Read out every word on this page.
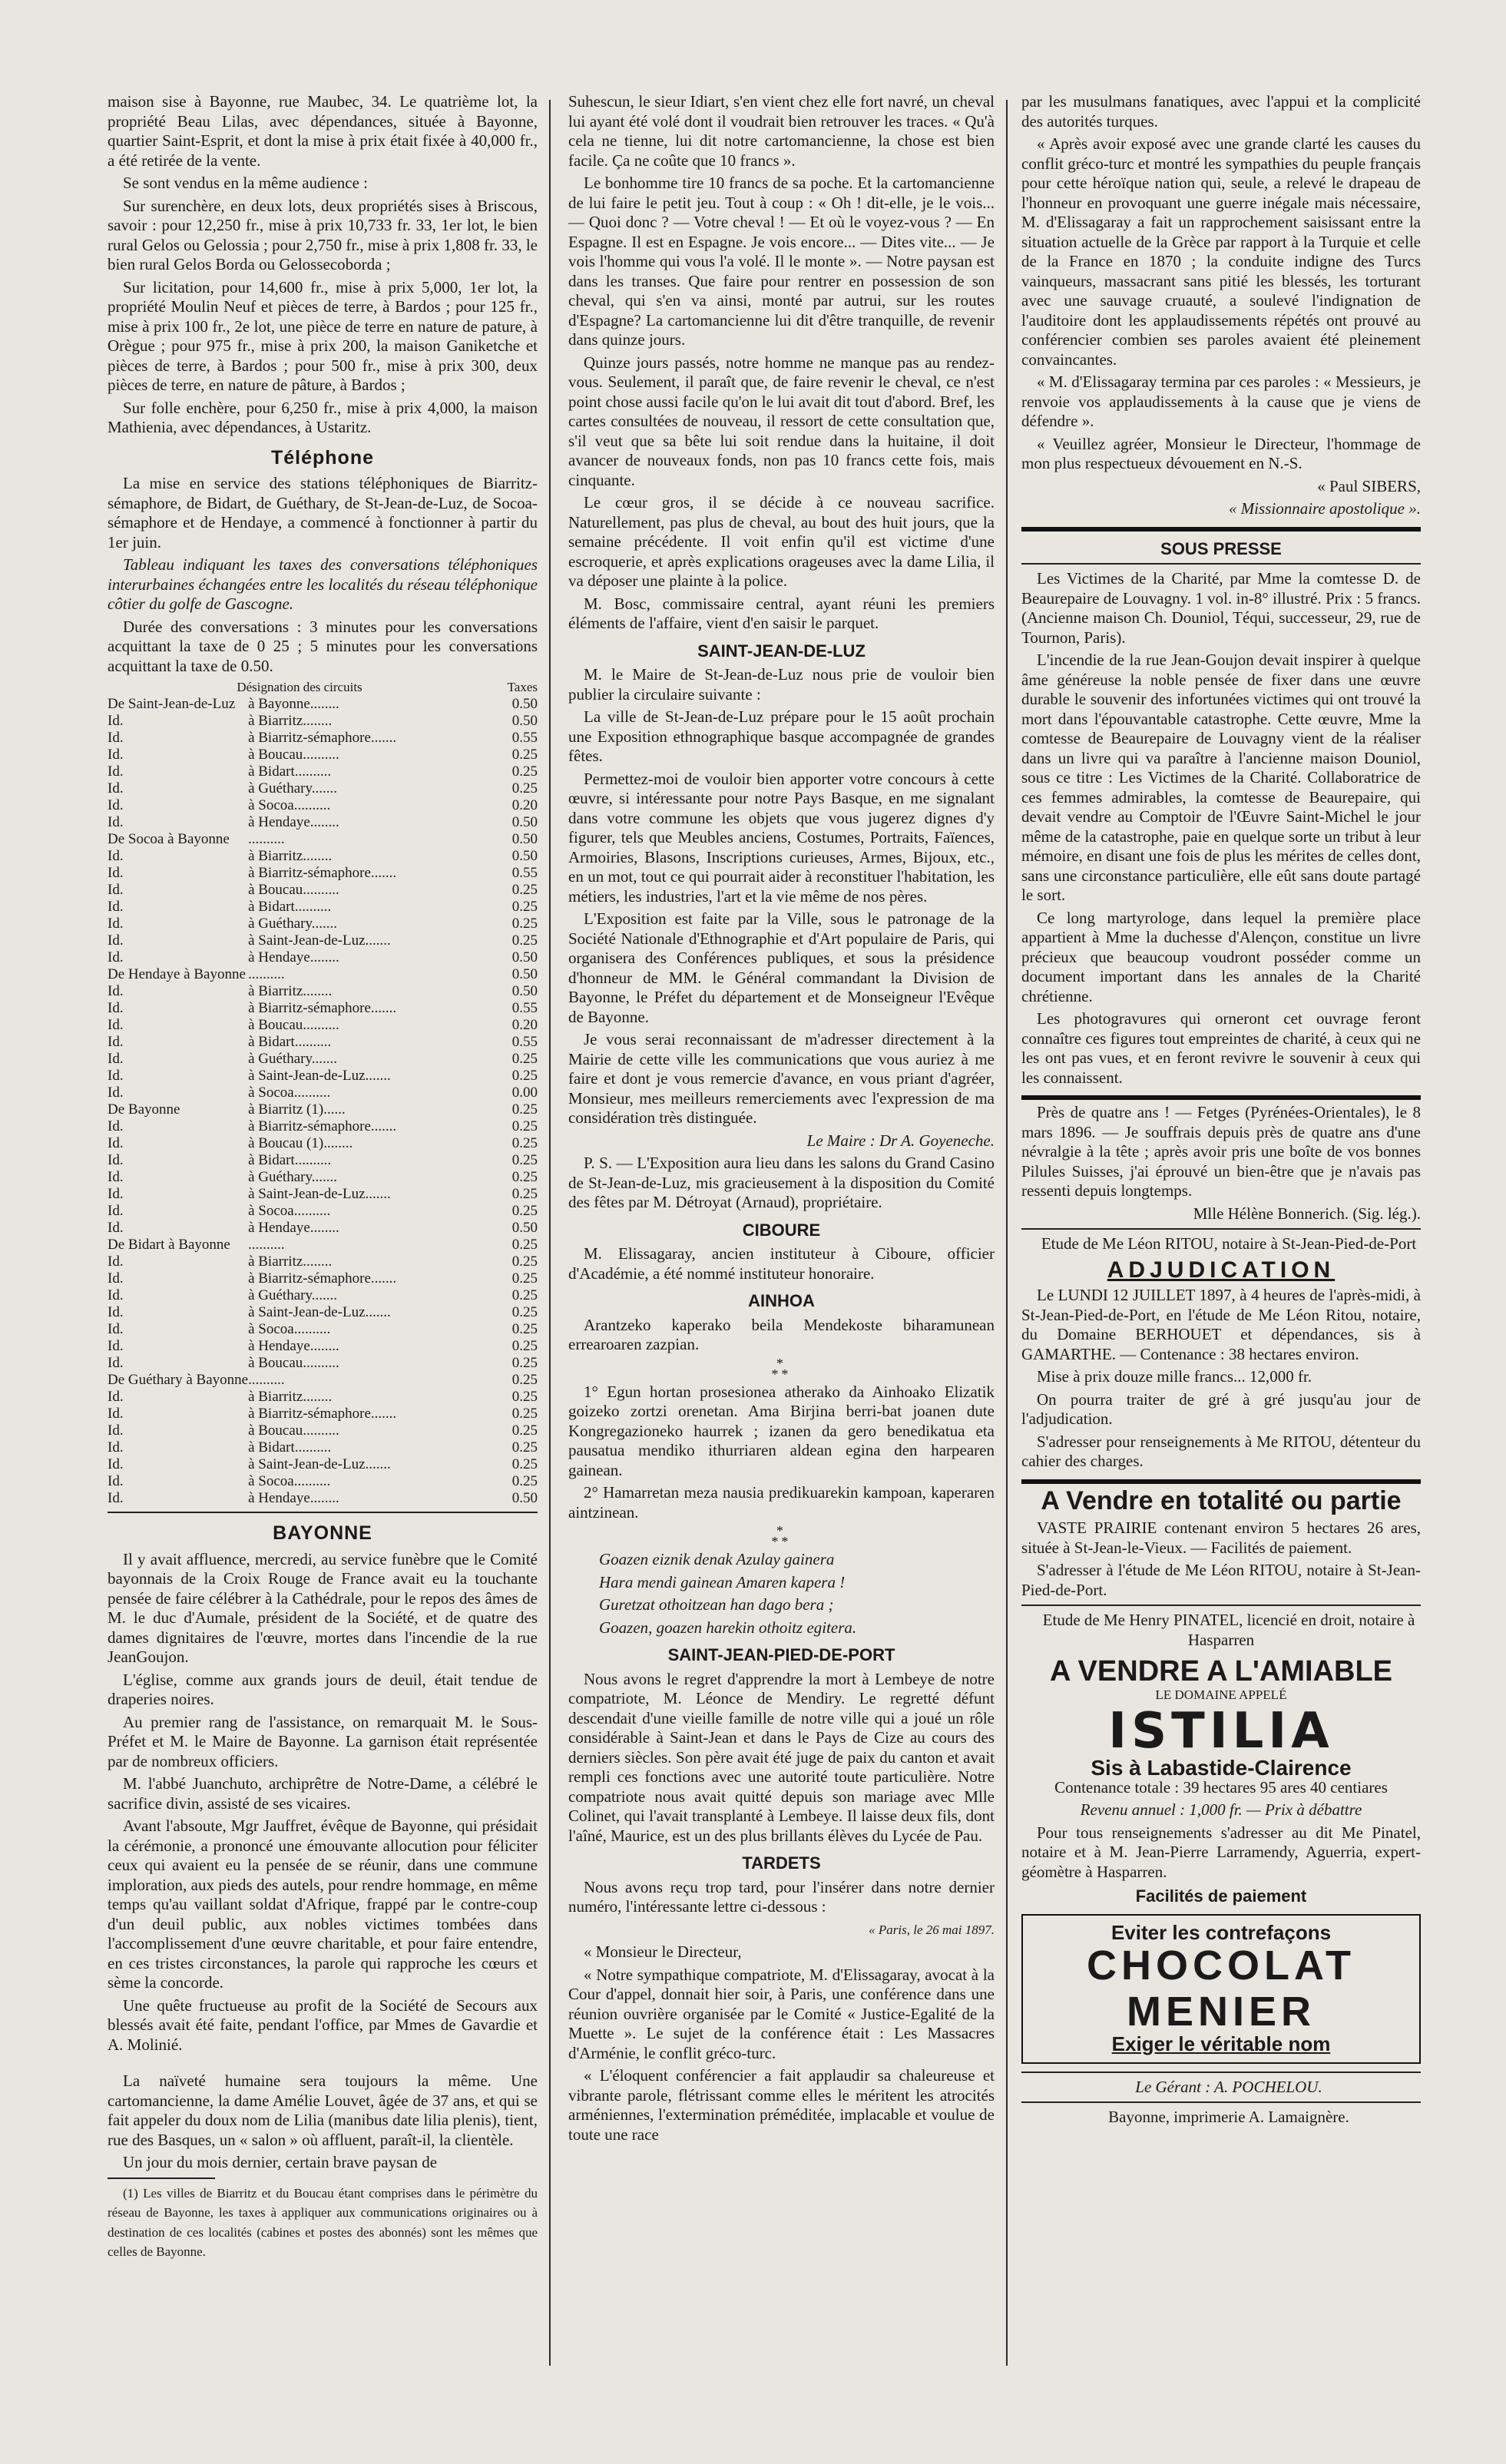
maison sise à Bayonne, rue Maubec, 34. Le quatrième lot, la propriété Beau Lilas, avec dépendances, située à Bayonne, quartier Saint-Esprit, et dont la mise à prix était fixée à 40,000 fr., a été retirée de la vente.

Se sont vendus en la même audience :

Sur surenchère, en deux lots, deux propriétés sises à Briscous, savoir : pour 12,250 fr., mise à prix 10,733 fr. 33, 1er lot, le bien rural Gelos ou Gelossia ; pour 2,750 fr., mise à prix 1,808 fr. 33, le bien rural Gelos Borda ou Gelossecoborda ;

Sur licitation, pour 14,600 fr., mise à prix 5,000, 1er lot, la propriété Moulin Neuf et pièces de terre, à Bardos ; pour 125 fr., mise à prix 100 fr., 2e lot, une pièce de terre en nature de pature, à Orègue ; pour 975 fr., mise à prix 200, la maison Ganiketche et pièces de terre, à Bardos ; pour 500 fr., mise à prix 300, deux pièces de terre, en nature de pâture, à Bardos ;

Sur folle enchère, pour 6,250 fr., mise à prix 4,000, la maison Mathienia, avec dépendances, à Ustaritz.

Téléphone

La mise en service des stations téléphoniques de Biarritz-sémaphore, de Bidart, de Guéthary, de St-Jean-de-Luz, de Socoa-sémaphore et de Hendaye, a commencé à fonctionner à partir du 1er juin.

Tableau indiquant les taxes des conversations téléphoniques interurbaines échangées entre les localités du réseau téléphonique côtier du golfe de Gascogne.

Durée des conversations : 3 minutes pour les conversations acquittant la taxe de 0 25 ; 5 minutes pour les conversations acquittant la taxe de 0.50.

Désignation des circuits		Taxes
De Saint-Jean-de-Luz	à Bayonne........	0.50
Id.	à Biarritz........	0.50
Id.	à Biarritz-sémaphore.......	0.55
Id.	à Boucau..........	0.25
Id.	à Bidart..........	0.25
Id.	à Guéthary.......	0.25
Id.	à Socoa..........	0.20
Id.	à Hendaye........	0.50
De Socoa à Bayonne	..........	0.50
Id.	à Biarritz........	0.50
Id.	à Biarritz-sémaphore.......	0.55
Id.	à Boucau..........	0.25
Id.	à Bidart..........	0.25
Id.	à Guéthary.......	0.25
Id.	à Saint-Jean-de-Luz.......	0.25
Id.	à Hendaye........	0.50
De Hendaye à Bayonne	..........	0.50
Id.	à Biarritz........	0.50
Id.	à Biarritz-sémaphore.......	0.55
Id.	à Boucau..........	0.20
Id.	à Bidart..........	0.55
Id.	à Guéthary.......	0.25
Id.	à Saint-Jean-de-Luz.......	0.25
Id.	à Socoa..........	0.00
De Bayonne	à Biarritz (1)......	0.25
Id.	à Biarritz-sémaphore.......	0.25
Id.	à Boucau (1)........	0.25
Id.	à Bidart..........	0.25
Id.	à Guéthary.......	0.25
Id.	à Saint-Jean-de-Luz.......	0.25
Id.	à Socoa..........	0.25
Id.	à Hendaye........	0.50
De Bidart à Bayonne	..........	0.25
Id.	à Biarritz........	0.25
Id.	à Biarritz-sémaphore.......	0.25
Id.	à Guéthary.......	0.25
Id.	à Saint-Jean-de-Luz.......	0.25
Id.	à Socoa..........	0.25
Id.	à Hendaye........	0.25
Id.	à Boucau..........	0.25
De Guéthary à Bayonne	..........	0.25
Id.	à Biarritz........	0.25
Id.	à Biarritz-sémaphore.......	0.25
Id.	à Boucau..........	0.25
Id.	à Bidart..........	0.25
Id.	à Saint-Jean-de-Luz.......	0.25
Id.	à Socoa..........	0.25
Id.	à Hendaye........	0.50
BAYONNE

Il y avait affluence, mercredi, au service funèbre que le Comité bayonnais de la Croix Rouge de France avait eu la touchante pensée de faire célébrer à la Cathédrale, pour le repos des âmes de M. le duc d'Aumale, président de la Société, et de quatre des dames dignitaires de l'œuvre, mortes dans l'incendie de la rue JeanGoujon.

L'église, comme aux grands jours de deuil, était tendue de draperies noires.

Au premier rang de l'assistance, on remarquait M. le Sous-Préfet et M. le Maire de Bayonne. La garnison était représentée par de nombreux officiers.

M. l'abbé Juanchuto, archiprêtre de Notre-Dame, a célébré le sacrifice divin, assisté de ses vicaires.

Avant l'absoute, Mgr Jauffret, évêque de Bayonne, qui présidait la cérémonie, a prononcé une émouvante allocution pour féliciter ceux qui avaient eu la pensée de se réunir, dans une commune imploration, aux pieds des autels, pour rendre hommage, en même temps qu'au vaillant soldat d'Afrique, frappé par le contre-coup d'un deuil public, aux nobles victimes tombées dans l'accomplissement d'une œuvre charitable, et pour faire entendre, en ces tristes circonstances, la parole qui rapproche les cœurs et sème la concorde.

Une quête fructueuse au profit de la Société de Secours aux blessés avait été faite, pendant l'office, par Mmes de Gavardie et A. Molinié.

La naïveté humaine sera toujours la même. Une cartomancienne, la dame Amélie Louvet, âgée de 37 ans, et qui se fait appeler du doux nom de Lilia (manibus date lilia plenis), tient, rue des Basques, un « salon » où affluent, paraît-il, la clientèle.

Un jour du mois dernier, certain brave paysan de

(1) Les villes de Biarritz et du Boucau étant comprises dans le périmètre du réseau de Bayonne, les taxes à appliquer aux communications originaires ou à destination de ces localités (cabines et postes des abonnés) sont les mêmes que celles de Bayonne.

Suhescun, le sieur Idiart, s'en vient chez elle fort navré, un cheval lui ayant été volé dont il voudrait bien retrouver les traces. « Qu'à cela ne tienne, lui dit notre cartomancienne, la chose est bien facile. Ça ne coûte que 10 francs ».

Le bonhomme tire 10 francs de sa poche. Et la cartomancienne de lui faire le petit jeu. Tout à coup : « Oh ! dit-elle, je le vois... — Quoi donc ? — Votre cheval ! — Et où le voyez-vous ? — En Espagne. Il est en Espagne. Je vois encore... — Dites vite... — Je vois l'homme qui vous l'a volé. Il le monte ». — Notre paysan est dans les transes. Que faire pour rentrer en possession de son cheval, qui s'en va ainsi, monté par autrui, sur les routes d'Espagne? La cartomancienne lui dit d'être tranquille, de revenir dans quinze jours.

Quinze jours passés, notre homme ne manque pas au rendez-vous. Seulement, il paraît que, de faire revenir le cheval, ce n'est point chose aussi facile qu'on le lui avait dit tout d'abord. Bref, les cartes consultées de nouveau, il ressort de cette consultation que, s'il veut que sa bête lui soit rendue dans la huitaine, il doit avancer de nouveaux fonds, non pas 10 francs cette fois, mais cinquante.

Le cœur gros, il se décide à ce nouveau sacrifice. Naturellement, pas plus de cheval, au bout des huit jours, que la semaine précédente. Il voit enfin qu'il est victime d'une escroquerie, et après explications orageuses avec la dame Lilia, il va déposer une plainte à la police.

M. Bosc, commissaire central, ayant réuni les premiers éléments de l'affaire, vient d'en saisir le parquet.

SAINT-JEAN-DE-LUZ

M. le Maire de St-Jean-de-Luz nous prie de vouloir bien publier la circulaire suivante :

La ville de St-Jean-de-Luz prépare pour le 15 août prochain une Exposition ethnographique basque accompagnée de grandes fêtes.

Permettez-moi de vouloir bien apporter votre concours à cette œuvre, si intéressante pour notre Pays Basque, en me signalant dans votre commune les objets que vous jugerez dignes d'y figurer, tels que Meubles anciens, Costumes, Portraits, Faïences, Armoiries, Blasons, Inscriptions curieuses, Armes, Bijoux, etc., en un mot, tout ce qui pourrait aider à reconstituer l'habitation, les métiers, les industries, l'art et la vie même de nos pères.

L'Exposition est faite par la Ville, sous le patronage de la Société Nationale d'Ethnographie et d'Art populaire de Paris, qui organisera des Conférences publiques, et sous la présidence d'honneur de MM. le Général commandant la Division de Bayonne, le Préfet du département et de Monseigneur l'Evêque de Bayonne.

Je vous serai reconnaissant de m'adresser directement à la Mairie de cette ville les communications que vous auriez à me faire et dont je vous remercie d'avance, en vous priant d'agréer, Monsieur, mes meilleurs remerciements avec l'expression de ma considération très distinguée.

Le Maire : Dr A. Goyeneche.

P. S. — L'Exposition aura lieu dans les salons du Grand Casino de St-Jean-de-Luz, mis gracieusement à la disposition du Comité des fêtes par M. Détroyat (Arnaud), propriétaire.

CIBOURE

M. Elissagaray, ancien instituteur à Ciboure, officier d'Académie, a été nommé instituteur honoraire.

AINHOA

Arantzeko kaperako beila Mendekoste biharamunean errearoaren zazpian.

*
**

1° Egun hortan prosesionea atherako da Ainhoako Elizatik goizeko zortzi orenetan. Ama Birjina berri-bat joanen dute Kongregazioneko haurrek ; izanen da gero benedikatua eta pausatua mendiko ithurriaren aldean egina den harpearen gainean.

2° Hamarretan meza nausia predikuarekin kampoan, kaperaren aintzinean.

*
**

Goazen eiznik denak Azulay gainera

Hara mendi gainean Amaren kapera !

Guretzat othoitzean han dago bera ;

Goazen, goazen harekin othoitz egitera.

SAINT-JEAN-PIED-DE-PORT

Nous avons le regret d'apprendre la mort à Lembeye de notre compatriote, M. Léonce de Mendiry. Le regretté défunt descendait d'une vieille famille de notre ville qui a joué un rôle considérable à Saint-Jean et dans le Pays de Cize au cours des derniers siècles. Son père avait été juge de paix du canton et avait rempli ces fonctions avec une autorité toute particulière. Notre compatriote nous avait quitté depuis son mariage avec Mlle Colinet, qui l'avait transplanté à Lembeye. Il laisse deux fils, dont l'aîné, Maurice, est un des plus brillants élèves du Lycée de Pau.

TARDETS

Nous avons reçu trop tard, pour l'insérer dans notre dernier numéro, l'intéressante lettre ci-dessous :

« Paris, le 26 mai 1897.

« Monsieur le Directeur,

« Notre sympathique compatriote, M. d'Elissagaray, avocat à la Cour d'appel, donnait hier soir, à Paris, une conférence dans une réunion ouvrière organisée par le Comité « Justice-Egalité de la Muette ». Le sujet de la conférence était : Les Massacres d'Arménie, le conflit gréco-turc.

« L'éloquent conférencier a fait applaudir sa chaleureuse et vibrante parole, flétrissant comme elles le méritent les atrocités arméniennes, l'extermination préméditée, implacable et voulue de toute une race

par les musulmans fanatiques, avec l'appui et la complicité des autorités turques.

« Après avoir exposé avec une grande clarté les causes du conflit gréco-turc et montré les sympathies du peuple français pour cette héroïque nation qui, seule, a relevé le drapeau de l'honneur en provoquant une guerre inégale mais nécessaire, M. d'Elissagaray a fait un rapprochement saisissant entre la situation actuelle de la Grèce par rapport à la Turquie et celle de la France en 1870 ; la conduite indigne des Turcs vainqueurs, massacrant sans pitié les blessés, les torturant avec une sauvage cruauté, a soulevé l'indignation de l'auditoire dont les applaudissements répétés ont prouvé au conférencier combien ses paroles avaient été pleinement convaincantes.

« M. d'Elissagaray termina par ces paroles : « Messieurs, je renvoie vos applaudissements à la cause que je viens de défendre ».

« Veuillez agréer, Monsieur le Directeur, l'hommage de mon plus respectueux dévouement en N.-S.

« Paul SIBERS,

« Missionnaire apostolique ».

SOUS PRESSE

Les Victimes de la Charité, par Mme la comtesse D. de Beaurepaire de Louvagny. 1 vol. in-8° illustré. Prix : 5 francs. (Ancienne maison Ch. Douniol, Téqui, successeur, 29, rue de Tournon, Paris).

L'incendie de la rue Jean-Goujon devait inspirer à quelque âme généreuse la noble pensée de fixer dans une œuvre durable le souvenir des infortunées victimes qui ont trouvé la mort dans l'épouvantable catastrophe. Cette œuvre, Mme la comtesse de Beaurepaire de Louvagny vient de la réaliser dans un livre qui va paraître à l'ancienne maison Douniol, sous ce titre : Les Victimes de la Charité. Collaboratrice de ces femmes admirables, la comtesse de Beaurepaire, qui devait vendre au Comptoir de l'Œuvre Saint-Michel le jour même de la catastrophe, paie en quelque sorte un tribut à leur mémoire, en disant une fois de plus les mérites de celles dont, sans une circonstance particulière, elle eût sans doute partagé le sort.

Ce long martyrologe, dans lequel la première place appartient à Mme la duchesse d'Alençon, constitue un livre précieux que beaucoup voudront posséder comme un document important dans les annales de la Charité chrétienne.

Les photogravures qui orneront cet ouvrage feront connaître ces figures tout empreintes de charité, à ceux qui ne les ont pas vues, et en feront revivre le souvenir à ceux qui les connaissent.

Près de quatre ans ! — Fetges (Pyrénées-Orientales), le 8 mars 1896. — Je souffrais depuis près de quatre ans d'une névralgie à la tête ; après avoir pris une boîte de vos bonnes Pilules Suisses, j'ai éprouvé un bien-être que je n'avais pas ressenti depuis longtemps.

Mlle Hélène Bonnerich. (Sig. lég.).

Etude de Me Léon RITOU, notaire à St-Jean-Pied-de-Port

ADJUDICATION

Le LUNDI 12 JUILLET 1897, à 4 heures de l'après-midi, à St-Jean-Pied-de-Port, en l'étude de Me Léon Ritou, notaire, du Domaine BERHOUET et dépendances, sis à GAMARTHE. — Contenance : 38 hectares environ.

Mise à prix douze mille francs... 12,000 fr.

On pourra traiter de gré à gré jusqu'au jour de l'adjudication.

S'adresser pour renseignements à Me RITOU, détenteur du cahier des charges.

A Vendre en totalité ou partie

VASTE PRAIRIE contenant environ 5 hectares 26 ares, située à St-Jean-le-Vieux. — Facilités de paiement.

S'adresser à l'étude de Me Léon RITOU, notaire à St-Jean-Pied-de-Port.

Etude de Me Henry PINATEL, licencié en droit, notaire à Hasparren

A VENDRE A L'AMIABLE
LE DOMAINE APPELÉ
ISTILIA
Sis à Labastide-Clairence

Contenance totale : 39 hectares 95 ares 40 centiares

Revenu annuel : 1,000 fr. — Prix à débattre

Pour tous renseignements s'adresser au dit Me Pinatel, notaire et à M. Jean-Pierre Larramendy, Aguerria, expert-géomètre à Hasparren.

Facilités de paiement
Eviter les contrefaçons
CHOCOLAT
MENIER
Exiger le véritable nom

Le Gérant : A. POCHELOU.

Bayonne, imprimerie A. Lamaignère.
